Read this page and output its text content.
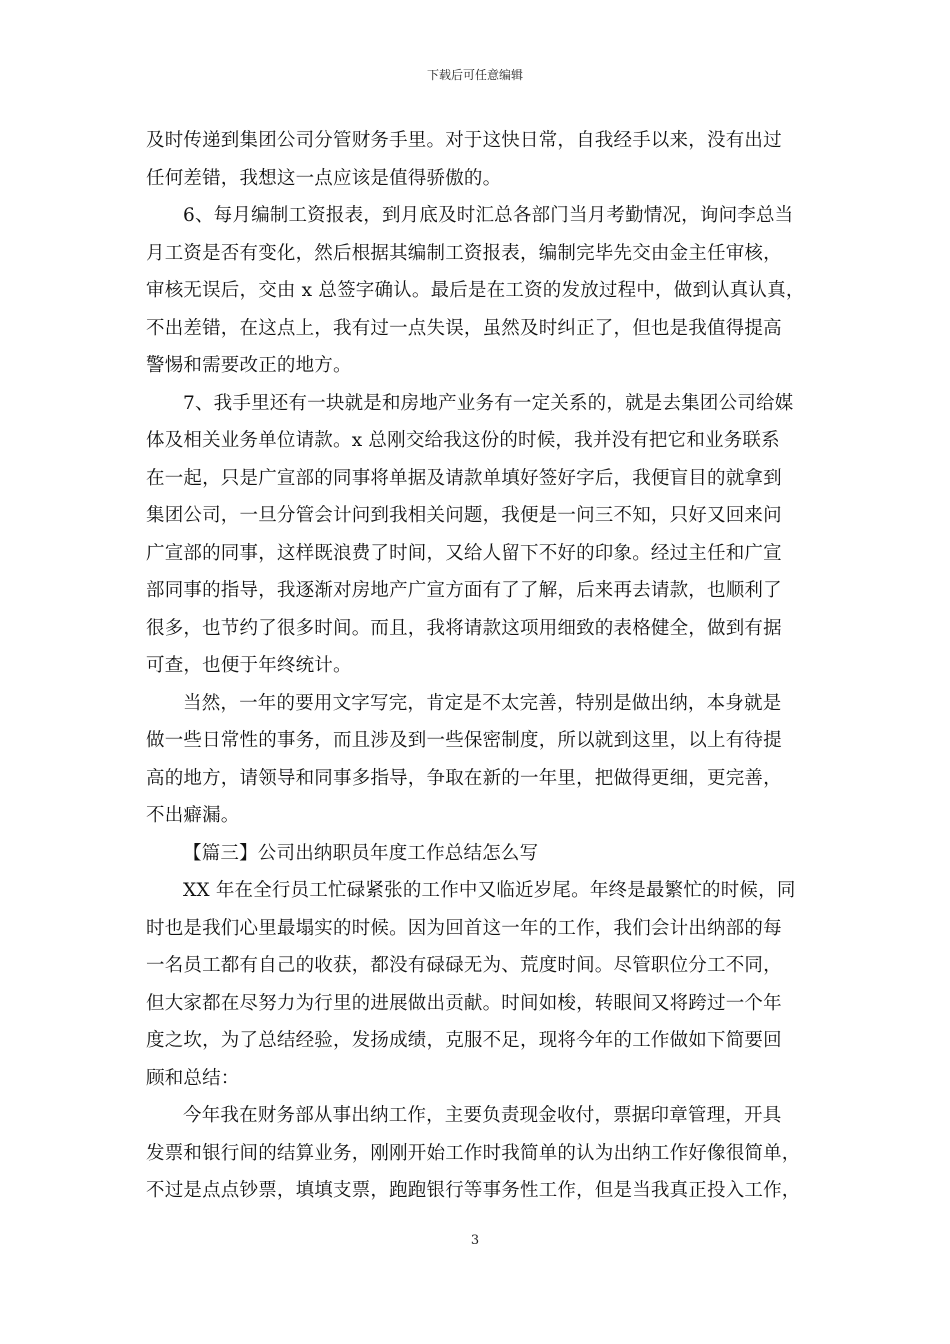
下载后可任意编辑
及时传递到集团公司分管财务手里。对于这快日常，自我经手以来，没有出过
任何差错，我想这一点应该是值得骄傲的。
6、每月编制工资报表，到月底及时汇总各部门当月考勤情况，询问李总当
月工资是否有变化，然后根据其编制工资报表，编制完毕先交由金主任审核，
审核无误后，交由 x 总签字确认。最后是在工资的发放过程中，做到认真认真，
不出差错，在这点上，我有过一点失误，虽然及时纠正了，但也是我值得提高
警惕和需要改正的地方。
7、我手里还有一块就是和房地产业务有一定关系的，就是去集团公司给媒
体及相关业务单位请款。x 总刚交给我这份的时候，我并没有把它和业务联系
在一起，只是广宣部的同事将单据及请款单填好签好字后，我便盲目的就拿到
集团公司，一旦分管会计问到我相关问题，我便是一问三不知，只好又回来问
广宣部的同事，这样既浪费了时间，又给人留下不好的印象。经过主任和广宣
部同事的指导，我逐渐对房地产广宣方面有了了解，后来再去请款，也顺利了
很多，也节约了很多时间。而且，我将请款这项用细致的表格健全，做到有据
可查，也便于年终统计。
当然，一年的要用文字写完，肯定是不太完善，特别是做出纳，本身就是
做一些日常性的事务，而且涉及到一些保密制度，所以就到这里，以上有待提
高的地方，请领导和同事多指导，争取在新的一年里，把做得更细，更完善，
不出癖漏。
【篇三】公司出纳职员年度工作总结怎么写
XX 年在全行员工忙碌紧张的工作中又临近岁尾。年终是最繁忙的时候，同
时也是我们心里最塌实的时候。因为回首这一年的工作，我们会计出纳部的每
一名员工都有自己的收获，都没有碌碌无为、荒度时间。尽管职位分工不同，
但大家都在尽努力为行里的进展做出贡献。时间如梭，转眼间又将跨过一个年
度之坎，为了总结经验，发扬成绩，克服不足，现将今年的工作做如下简要回
顾和总结：
今年我在财务部从事出纳工作，主要负责现金收付，票据印章管理，开具
发票和银行间的结算业务，刚刚开始工作时我简单的认为出纳工作好像很简单，
不过是点点钞票，填填支票，跑跑银行等事务性工作，但是当我真正投入工作，
3
